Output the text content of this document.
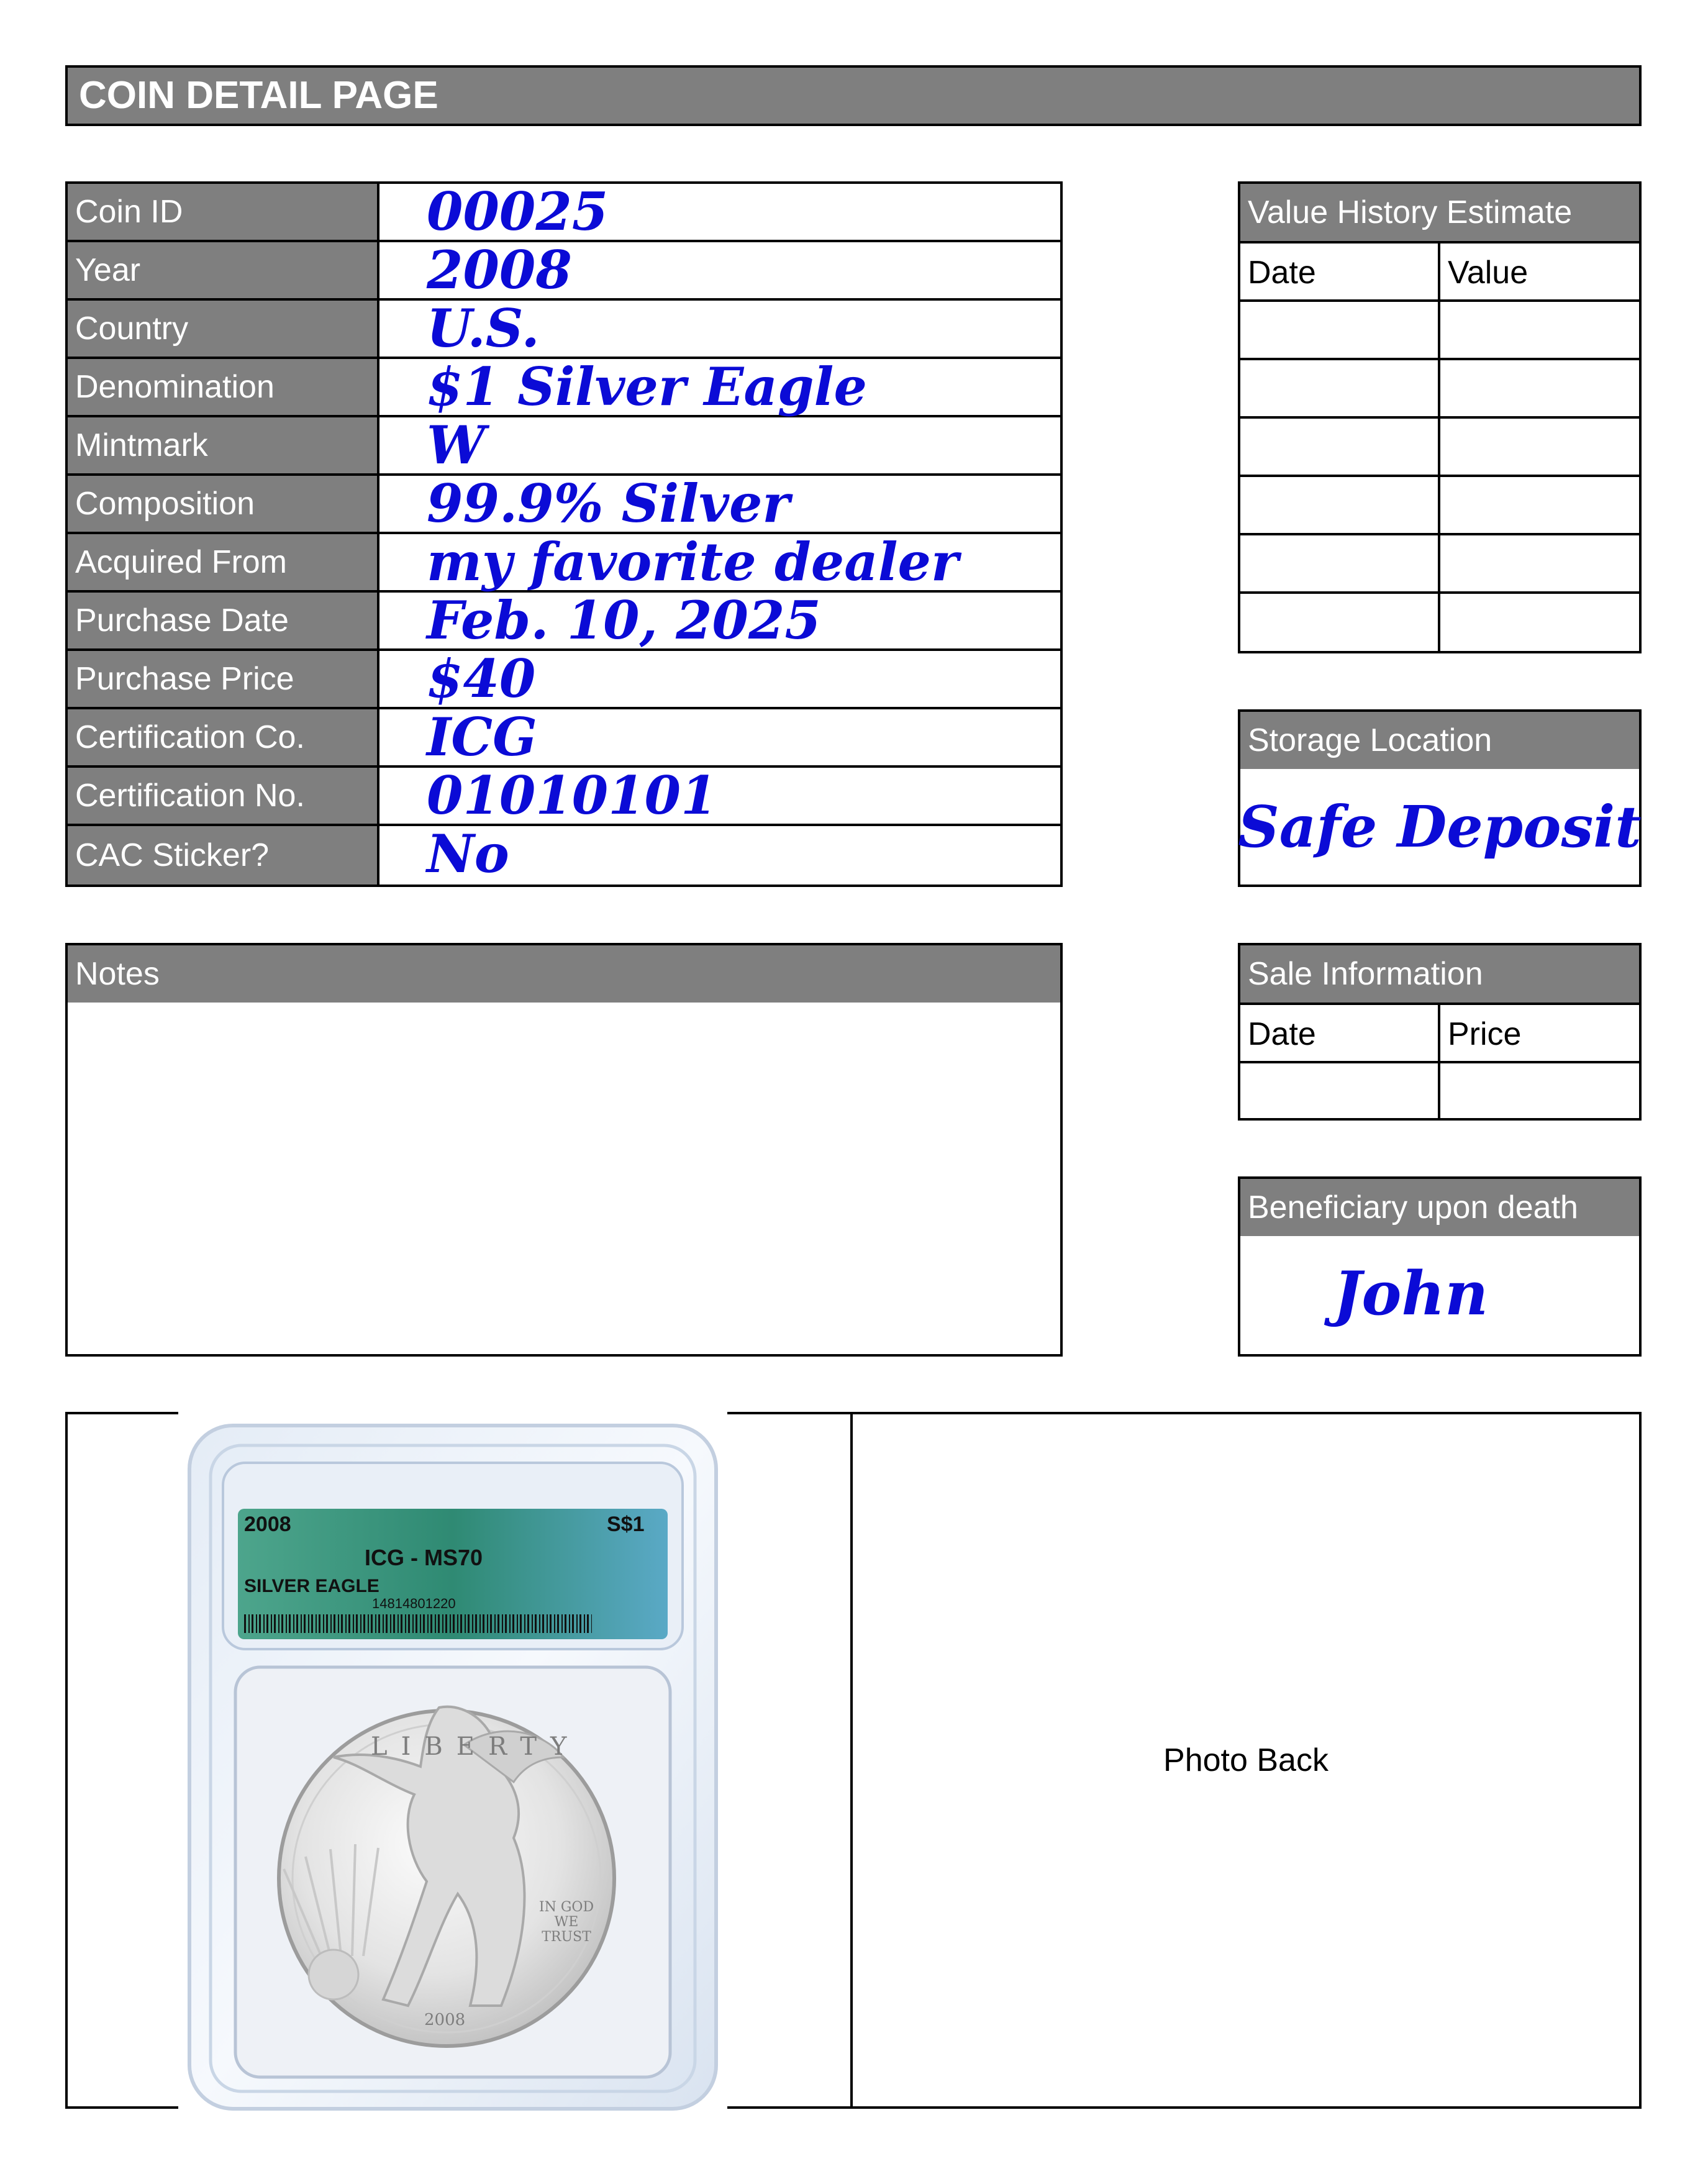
COIN DETAIL PAGE
Coin ID	00025
Year	2008
Country	U.S.
Denomination	$1 Silver Eagle
Mintmark	W
Composition	99.9% Silver
Acquired From	my favorite dealer
Purchase Date	Feb. 10, 2025
Purchase Price	$40
Certification Co.	ICG
Certification No.	01010101
CAC Sticker?	No
Value History Estimate
Date	Value
Storage Location
Safe Deposit
Notes	Sale Information
Date	Price
Beneficiary upon death
John
2008	S$1
ICG - MS70
SILVER EAGLE
14814801220
LIBERTY
IN GOD WE TRUST
2008
Photo Back
